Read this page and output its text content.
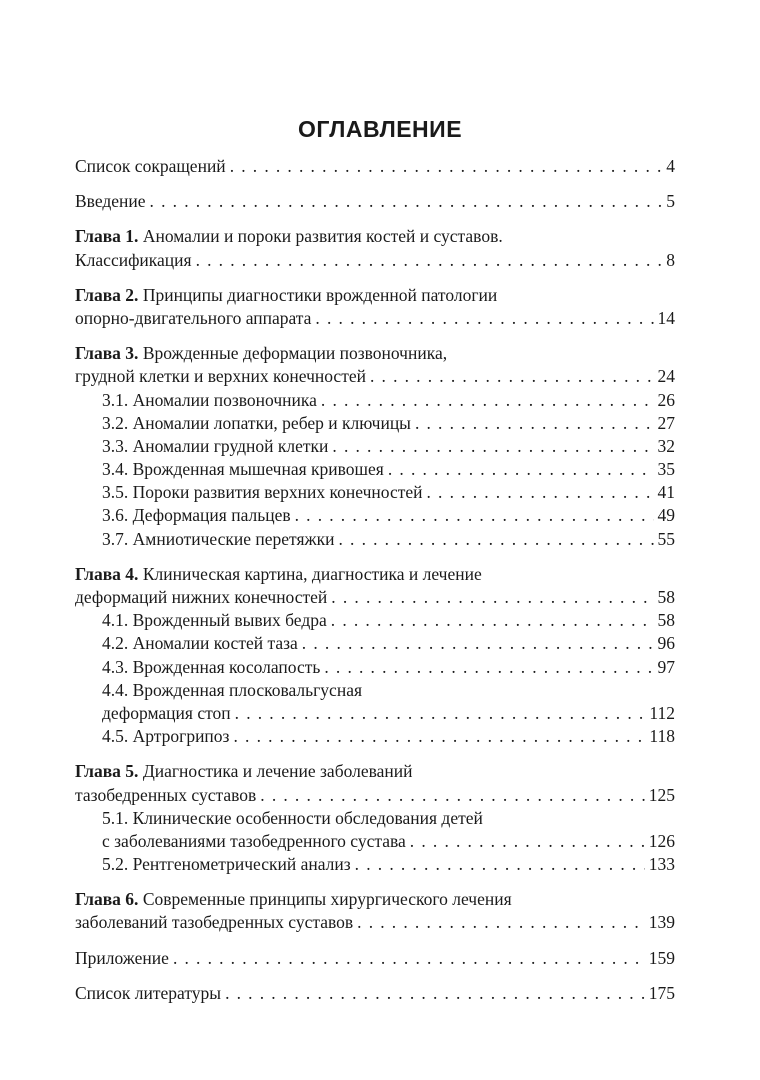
ОГЛАВЛЕНИЕ
Список сокращений . . .	4
Введение . . .	5
Глава 1. Аномалии и пороки развития костей и суставов.
Классификация . . .	8
Глава 2. Принципы диагностики врожденной патологии
опорно-двигательного аппарата . . .	14
Глава 3. Врожденные деформации позвоночника,
грудной клетки и верхних конечностей . . .	24
3.1. Аномалии позвоночника . . .	26
3.2. Аномалии лопатки, ребер и ключицы . . .	27
3.3. Аномалии грудной клетки . . .	32
3.4. Врожденная мышечная кривошея . . .	35
3.5. Пороки развития верхних конечностей . . .	41
3.6. Деформация пальцев . . .	49
3.7. Амниотические перетяжки . . .	55
Глава 4. Клиническая картина, диагностика и лечение
деформаций нижних конечностей . . .	58
4.1. Врожденный вывих бедра . . .	58
4.2. Аномалии костей таза . . .	96
4.3. Врожденная косолапость . . .	97
4.4. Врожденная плосковальгусная
деформация стоп . . .	112
4.5. Артрогрипоз . . .	118
Глава 5. Диагностика и лечение заболеваний
тазобедренных суставов . . .	125
5.1. Клинические особенности обследования детей
с заболеваниями тазобедренного сустава . . .	126
5.2. Рентгенометрический анализ . . .	133
Глава 6. Современные принципы хирургического лечения
заболеваний тазобедренных суставов . . .	139
Приложение . . .	159
Список литературы . . .	175
